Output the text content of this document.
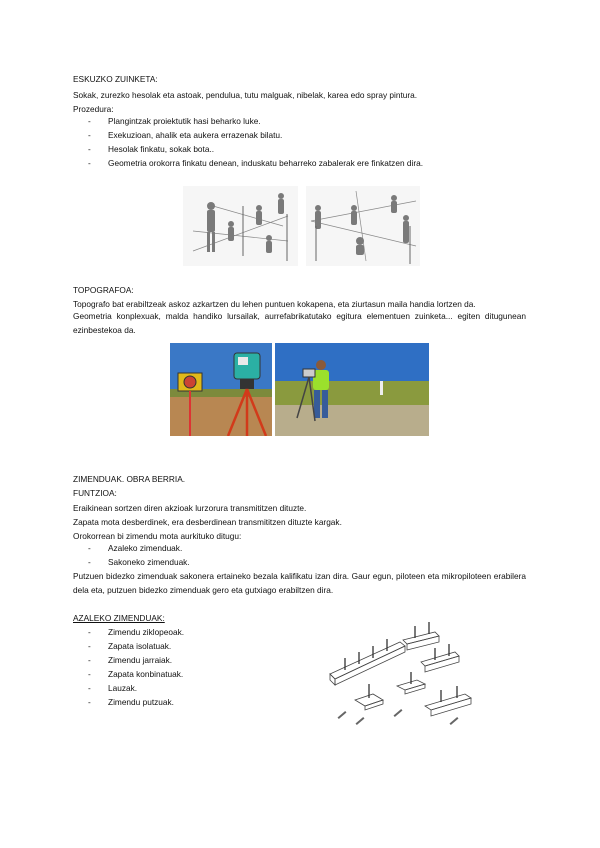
ESKUZKO ZUINKETA:
Sokak, zurezko hesolak eta astoak, pendulua, tutu malguak, nibelak, karea edo spray pintura.
Prozedura:
- Plangintzak proiektutik hasi beharko luke.
- Exekuzioan, ahalik eta aukera errazenak bilatu.
- Hesolak finkatu, sokak bota..
- Geometria orokorra finkatu denean, induskatu beharreko zabalerak ere finkatzen dira.
TOPOGRAFOA:
Topografo bat erabiltzeak askoz azkartzen du lehen puntuen kokapena, eta ziurtasun maila handia lortzen da.
Geometria konplexuak, malda handiko lursailak, aurrefabrikatutako egitura elementuen zuinketa... egiten ditugunean ezinbestekoa da.
ZIMENDUAK. OBRA BERRIA.
FUNTZIOA:
Eraikinean sortzen diren akzioak lurzorura transmititzen dituzte.
Zapata mota desberdinek, era desberdinean transmititzen dituzte kargak.
Orokorrean bi zimendu mota aurkituko ditugu:
- Azaleko zimenduak.
- Sakoneko zimenduak.
Putzuen bidezko zimenduak sakonera ertaineko bezala kalifikatu izan dira. Gaur egun, piloteen eta mikropiloteen erabilera dela eta, putzuen bidezko zimenduak gero eta gutxiago erabiltzen dira.
AZALEKO ZIMENDUAK:
- Zimendu ziklopeoak.
- Zapata isolatuak.
- Zimendu jarraiak.
- Zapata konbinatuak.
- Lauzak.
- Zimendu putzuak.
